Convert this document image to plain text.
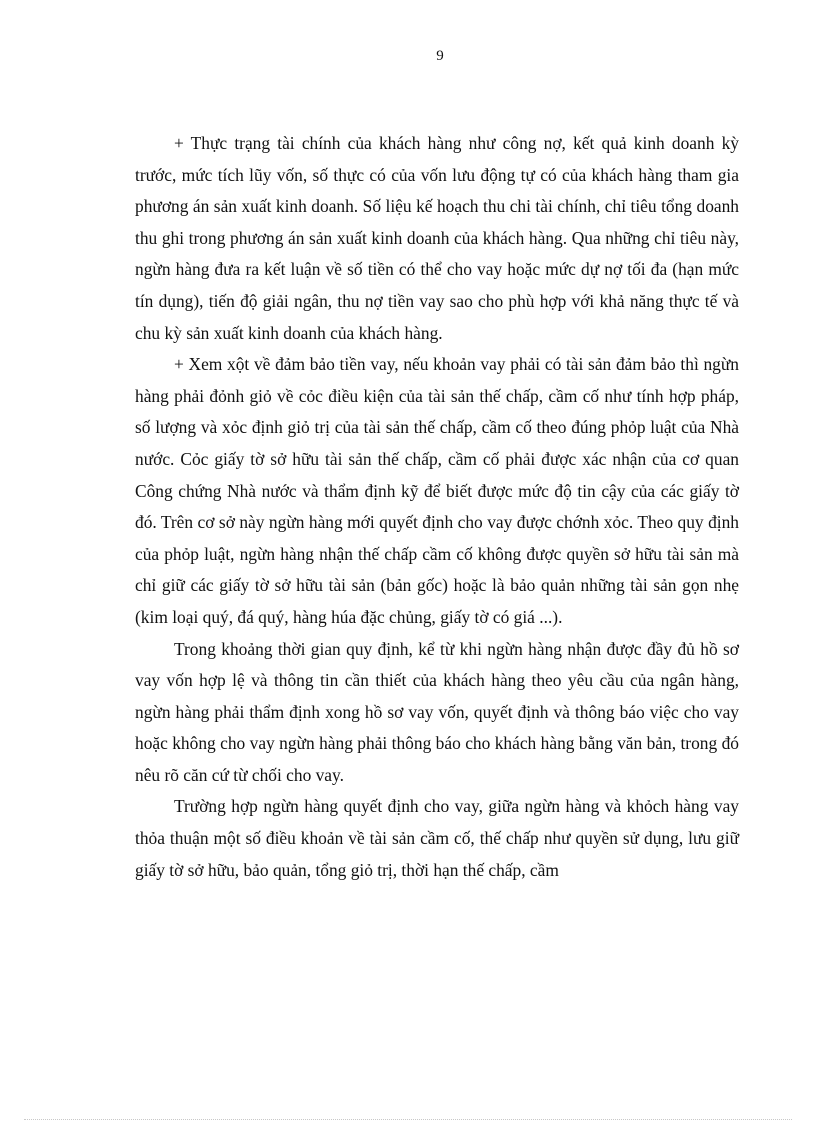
9

+ Thực trạng tài chính của khách hàng như công nợ, kết quả kinh doanh kỳ trước, mức tích lũy vốn, số thực có của vốn lưu động tự có của khách hàng tham gia phương án sản xuất kinh doanh. Số liệu kế hoạch thu chi tài chính, chỉ tiêu tổng doanh thu ghi trong phương án sản xuất kinh doanh của khách hàng. Qua những chỉ tiêu này, ngừn hàng đưa ra kết luận về số tiền có thể cho vay hoặc mức dự nợ tối đa (hạn mức tín dụng), tiến độ giải ngân, thu nợ tiền vay sao cho phù hợp với khả năng thực tế và chu kỳ sản xuất kinh doanh của khách hàng.

+ Xem xột về đảm bảo tiền vay, nếu khoản vay phải có tài sản đảm bảo thì ngừn hàng phải đỏnh giỏ về cỏc điều kiện của tài sản thế chấp, cầm cố như tính hợp pháp, số lượng và xỏc định giỏ trị của tài sản thế chấp, cầm cố theo đúng phỏp luật của Nhà nước. Cỏc giấy tờ sở hữu tài sản thế chấp, cầm cố phải được xác nhận của cơ quan Công chứng Nhà nước và thẩm định kỹ để biết được mức độ tin cậy của các giấy tờ đó. Trên cơ sở này ngừn hàng mới quyết định cho vay được chớnh xỏc. Theo quy định của phỏp luật, ngừn hàng nhận thế chấp cầm cố không được quyền sở hữu tài sản mà chỉ giữ các giấy tờ sở hữu tài sản (bản gốc) hoặc là bảo quản những tài sản gọn nhẹ (kim loại quý, đá quý, hàng húa đặc chủng, giấy tờ có giá ...).

Trong khoảng thời gian quy định, kể từ khi ngừn hàng nhận được đầy đủ hồ sơ vay vốn hợp lệ và thông tin cần thiết của khách hàng theo yêu cầu của ngân hàng, ngừn hàng phải thẩm định xong hồ sơ vay vốn, quyết định và thông báo việc cho vay hoặc không cho vay ngừn hàng phải thông báo cho khách hàng bằng văn bản, trong đó nêu rõ căn cứ từ chối cho vay.

Trường hợp ngừn hàng quyết định cho vay, giữa ngừn hàng và khỏch hàng vay thỏa thuận một số điều khoản về tài sản cầm cố, thế chấp như quyền sử dụng, lưu giữ giấy tờ sở hữu, bảo quản, tổng giỏ trị, thời hạn thế chấp, cầm
